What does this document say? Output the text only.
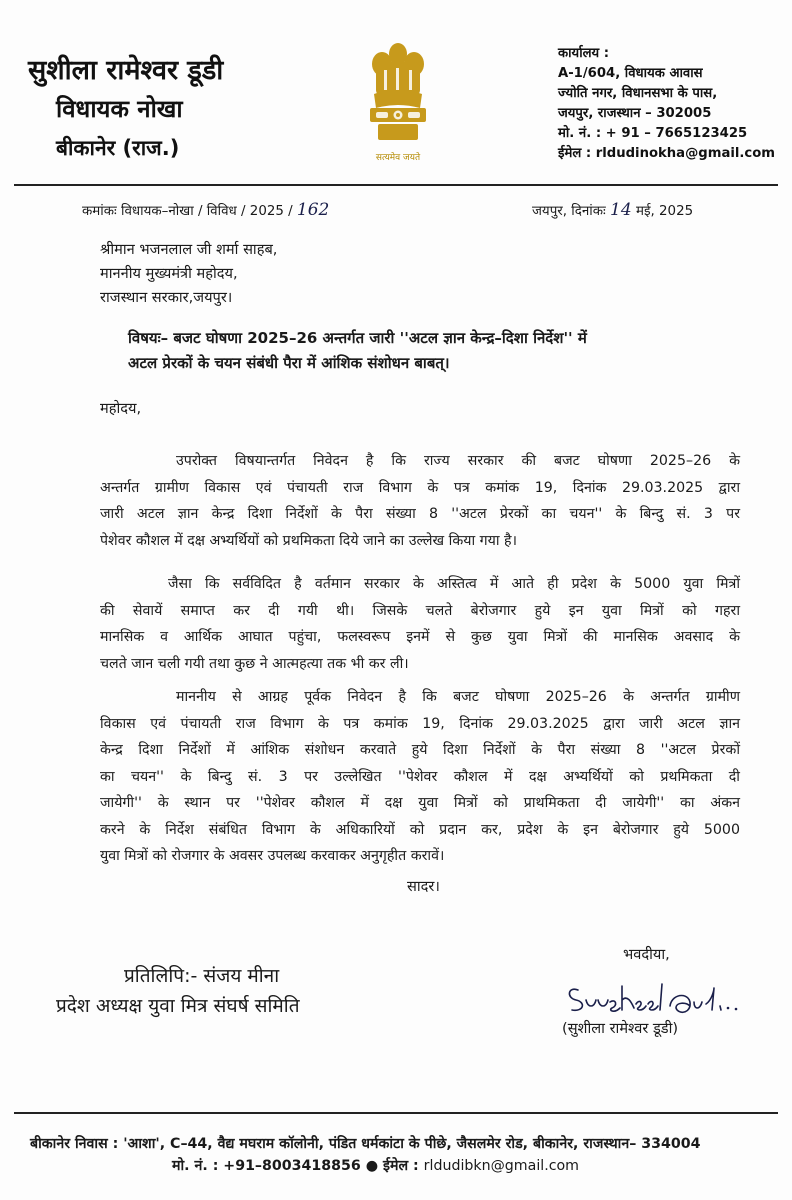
सुशीला रामेश्वर डूडी
विधायक नोखा
बीकानेर (राज.)	सत्यमेव जयते
कार्यालय :
A-1/604, विधायक आवास
ज्योति नगर, विधानसभा के पास,
जयपुर, राजस्थान – 302005
मो. नं. : + 91 – 7665123425
ईमेल : rldudinokha@gmail.com
कमांकः विधायक–नोखा / विविध / 2025 / 162	जयपुर, दिनांकः 14 मई, 2025
श्रीमान भजनलाल जी शर्मा साहब,
माननीय मुख्यमंत्री महोदय,
राजस्थान सरकार,जयपुर।
विषयः– बजट घोषणा 2025–26 अन्तर्गत जारी ''अटल ज्ञान केन्द्र–दिशा निर्देश'' में
अटल प्रेरकों के चयन संबंधी पैरा में आंशिक संशोधन बाबत्।
महोदय,
उपरोक्त विषयान्तर्गत निवेदन है कि राज्य सरकार की बजट घोषणा 2025–26 के
अन्तर्गत ग्रामीण विकास एवं पंचायती राज विभाग के पत्र कमांक 19, दिनांक 29.03.2025 द्वारा
जारी अटल ज्ञान केन्द्र दिशा निर्देशों के पैरा संख्या 8 ''अटल प्रेरकों का चयन'' के बिन्दु सं. 3 पर
पेशेवर कौशल में दक्ष अभ्यर्थियों को प्रथमिकता दिये जाने का उल्लेख किया गया है।
जैसा कि सर्वविदित है वर्तमान सरकार के अस्तित्व में आते ही प्रदेश के 5000 युवा मित्रों
की सेवायें समाप्त कर दी गयी थी। जिसके चलते बेरोजगार हुये इन युवा मित्रों को गहरा
मानसिक व आर्थिक आघात पहुंचा, फलस्वरूप इनमें से कुछ युवा मित्रों की मानसिक अवसाद के
चलते जान चली गयी तथा कुछ ने आत्महत्या तक भी कर ली।
माननीय से आग्रह पूर्वक निवेदन है कि बजट घोषणा 2025–26 के अन्तर्गत ग्रामीण
विकास एवं पंचायती राज विभाग के पत्र कमांक 19, दिनांक 29.03.2025 द्वारा जारी अटल ज्ञान
केन्द्र दिशा निर्देशों में आंशिक संशोधन करवाते हुये दिशा निर्देशों के पैरा संख्या 8 ''अटल प्रेरकों
का चयन'' के बिन्दु सं. 3 पर उल्लेखित ''पेशेवर कौशल में दक्ष अभ्यर्थियों को प्रथमिकता दी
जायेगी'' के स्थान पर ''पेशेवर कौशल में दक्ष युवा मित्रों को प्राथमिकता दी जायेगी'' का अंकन
करने के निर्देश संबंधित विभाग के अधिकारियों को प्रदान कर, प्रदेश के इन बेरोजगार हुये 5000
युवा मित्रों को रोजगार के अवसर उपलब्ध करवाकर अनुगृहीत करावें।
सादर।
भवदीया,
प्रतिलिपि:- संजय मीना
प्रदेश अध्यक्ष युवा मित्र संघर्ष समिति
(सुशीला रामेश्वर डूडी)
बीकानेर निवास : 'आशा', C–44, वैद्य मघराम कॉलोनी, पंडित धर्मकांटा के पीछे, जैसलमेर रोड, बीकानेर, राजस्थान– 334004
मो. नं. : +91–8003418856 ● ईमेल : rldudibkn@gmail.com
